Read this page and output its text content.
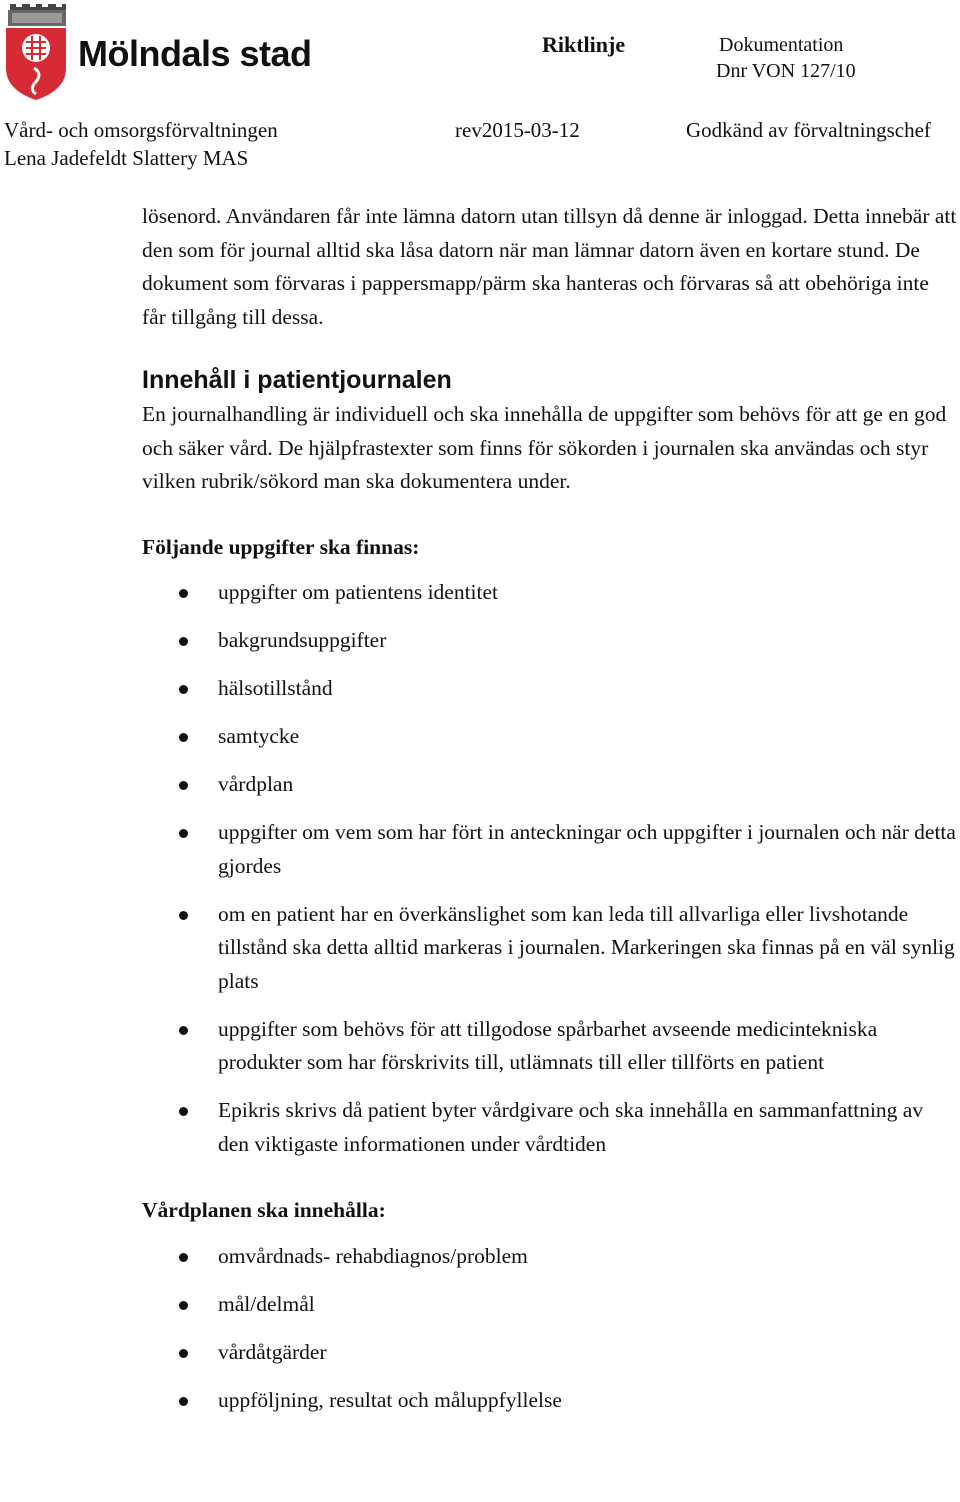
Mölndals stad	Riktlinje	Dokumentation
Dnr VON 127/10
Vård- och omsorgsförvaltningen	rev2015-03-12	Godkänd av förvaltningschef
Lena Jadefeldt Slattery MAS

lösenord. Användaren får inte lämna datorn utan tillsyn då denne är inloggad. Detta innebär att den som för journal alltid ska låsa datorn när man lämnar datorn även en kortare stund. De dokument som förvaras i pappersmapp/pärm ska hanteras och förvaras så att obehöriga inte får tillgång till dessa.

Innehåll i patientjournalen

En journalhandling är individuell och ska innehålla de uppgifter som behövs för att ge en god och säker vård. De hjälpfrastexter som finns för sökorden i journalen ska användas och styr vilken rubrik/sökord man ska dokumentera under.

Följande uppgifter ska finnas:
uppgifter om patientens identitet
bakgrundsuppgifter
hälsotillstånd
samtycke
vårdplan
uppgifter om vem som har fört in anteckningar och uppgifter i journalen och när detta gjordes
om en patient har en överkänslighet som kan leda till allvarliga eller livshotande tillstånd ska detta alltid markeras i journalen. Markeringen ska finnas på en väl synlig plats
uppgifter som behövs för att tillgodose spårbarhet avseende medicintekniska produkter som har förskrivits till, utlämnats till eller tillförts en patient
Epikris skrivs då patient byter vårdgivare och ska innehålla en sammanfattning av den viktigaste informationen under vårdtiden
Vårdplanen ska innehålla:
omvårdnads- rehabdiagnos/problem
mål/delmål
vårdåtgärder
uppföljning, resultat och måluppfyllelse
